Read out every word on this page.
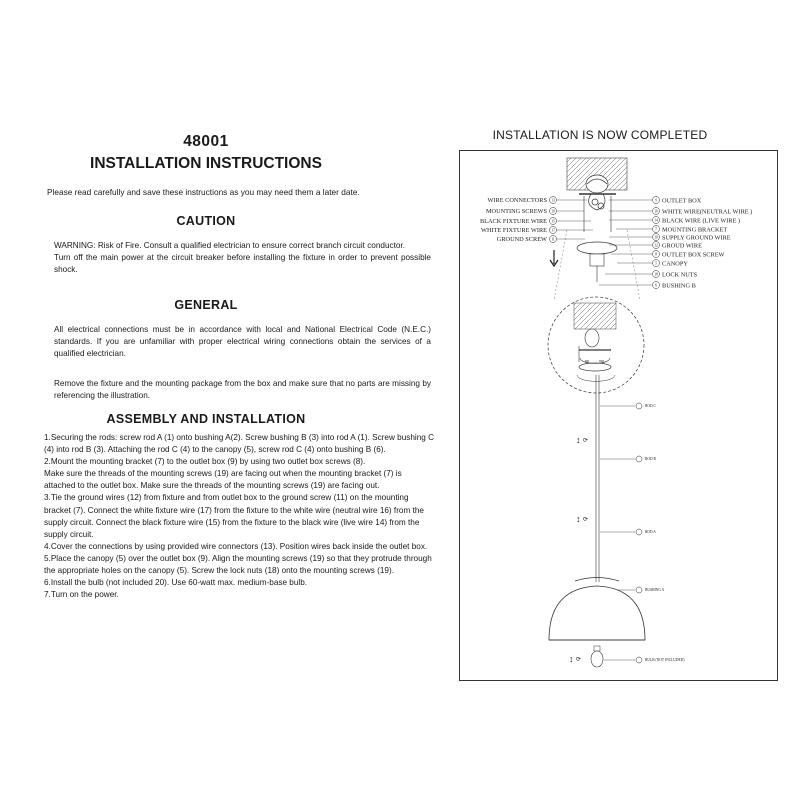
48001
INSTALLATION INSTRUCTIONS
Please read carefully and save these instructions as you may need them a later date.
CAUTION
WARNING: Risk of Fire. Consult a qualified electrician to ensure correct branch circuit conductor.
Turn off the main power at the circuit breaker before installing the fixture in order to prevent possible shock.
GENERAL
All electrical connections must be in accordance with local and National Electrical Code (N.E.C.) standards. If you are unfamiliar with proper electrical wiring connections obtain the services of a qualified electrician.
Remove the fixture and the mounting package from the box and make sure that no parts are missing by referencing the illustration.
ASSEMBLY AND INSTALLATION
1.Securing the rods: screw rod A (1) onto bushing A(2). Screw bushing B (3) into rod A (1). Screw bushing C (4) into rod B (3). Attaching the rod C (4) to the canopy (5), screw rod C (4) onto bushing B (6).
2.Mount the mounting bracket (7) to the outlet box (9) by using two outlet box screws (8).
Make sure the threads of the mounting screws (19) are facing out when the mounting bracket (7) is attached to the outlet box. Make sure the threads of the mounting screws (19) are facing out.
3.Tie the ground wires (12) from fixture and from outlet box to the ground screw (11) on the mounting bracket (7). Connect the white fixture wire (17) from the fixture to the white wire (neutral wire 16) from the supply circuit. Connect the black fixture wire (15) from the fixture to the black wire (live wire 14) from the supply circuit.
4.Cover the connections by using provided wire connectors (13). Position wires back inside the outlet box.
5.Place the canopy (5) over the outlet box (9). Align the mounting screws (19) so that they protrude through the appropriate holes on the canopy (5). Screw the lock nuts (18) onto the mounting screws (19).
6.Install the bulb (not included 20). Use 60-watt max. medium-base bulb.
7.Turn on the power.
INSTALLATION IS NOW COMPLETED
WIRE CONNECTORS 13
MOUNTING SCREWS 19
BLACK FIXTURE WIRE 15
WHITE FIXTURE WIRE 17
GROUND SCREW 11
9 OUTLET BOX
16 WHITE WIRE(NEUTRAL WIRE )
14 BLACK WIRE (LIVE WIRE )
7 MOUNTING BRACKET
10 SUPPLY GROUND WIRE
12 GROUD WIRE
8 OUTLET BOX SCREW
5 CANOPY
18 LOCK NUTS
6 BUSHING B
ROD C
↕ ⟳
ROD B
↕ ⟳
ROD A
BUSHING A
↕ ⟳	BULB (NOT INCLUDED)
